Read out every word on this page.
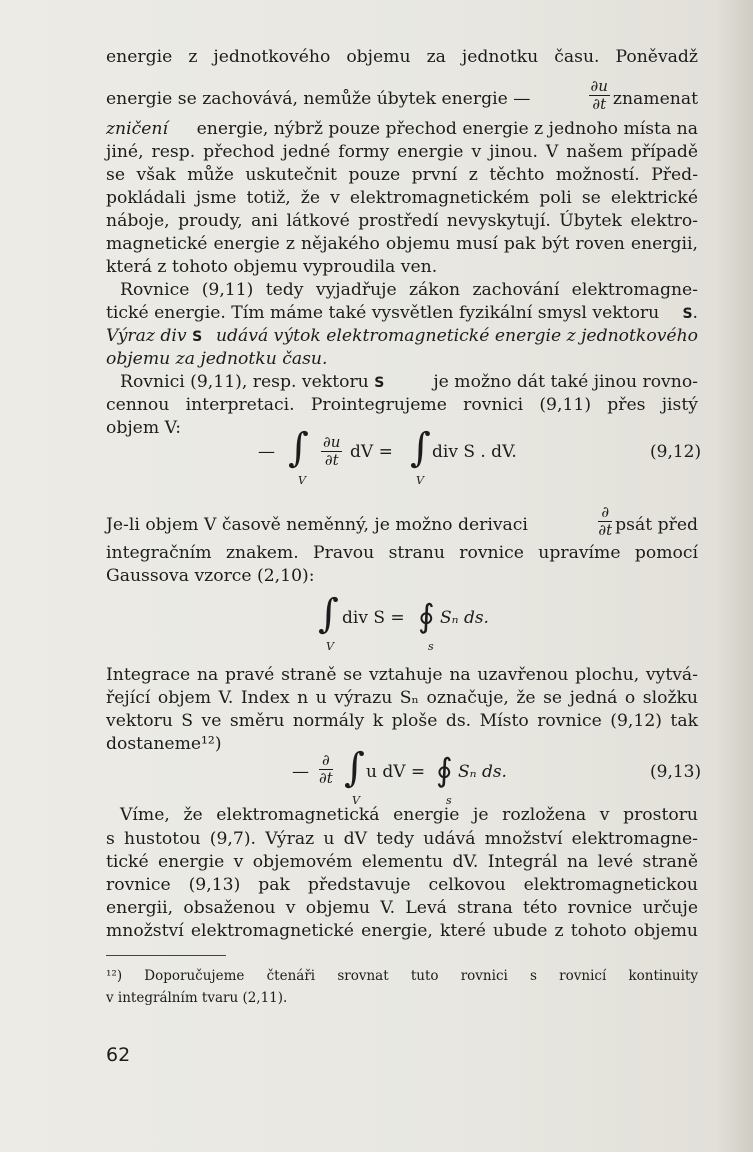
energie z jednotkového objemu za jednotku času. Poněvadž
energie se zachovává, nemůže úbytek energie —	$\frac{\partial u}{\partial t}$ znamenat
zničení energie, nýbrž pouze přechod energie z jednoho místa na
jiné, resp. přechod jedné formy energie v jinou. V našem případě
se však může uskutečnit pouze první z těchto možností. Před-
pokládali jsme totiž, že v elektromagnetickém poli se elektrické
náboje, proudy, ani látkové prostředí nevyskytují. Úbytek elektro-
magnetické energie z nějakého objemu musí pak být roven energii,
která z tohoto objemu vyproudila ven.
Rovnice (9,11) tedy vyjadřuje zákon zachování elektromagne-
tické energie. Tím máme také vysvětlen fyzikální smysl vektoru S.
Výraz div S udává výtok elektromagnetické energie z jednotkového
objemu za jednotku času.
Rovnici (9,11), resp. vektoru S	je možno dát také jinou rovno-
cennou interpretaci. Prointegrujeme rovnici (9,11) přes jistý
objem V:
— ∫
V
$\frac{\partial u}{\partial t}$ dV = ∫
V
div S . dV.	(9,12)
Je-li objem V časově neměnný, je možno derivaci	$\frac{\partial}{\partial t}$ psát před
integračním znakem. Pravou stranu rovnice upravíme pomocí
Gaussova vzorce (2,10):
∫
V
div S = ∮
s
Sₙ ds.
Integrace na pravé straně se vztahuje na uzavřenou plochu, vytvá-
řející objem V. Index n u výrazu Sₙ označuje, že se jedná o složku
vektoru S ve směru normály k ploše ds. Místo rovnice (9,12) tak
dostaneme¹²)
—
∂
∂t ∫
V
u dV = ∮
s
Sₙ ds.	(9,13)
Víme, že elektromagnetická energie je rozložena v prostoru
s hustotou (9,7). Výraz u dV tedy udává množství elektromagne-
tické energie v objemovém elementu dV. Integrál na levé straně
rovnice (9,13) pak představuje celkovou elektromagnetickou
energii, obsaženou v objemu V. Levá strana této rovnice určuje
množství elektromagnetické energie, které ubude z tohoto objemu
¹²) Doporučujeme čtenáři srovnat tuto rovnici s rovnicí kontinuity
v integrálním tvaru (2,11).
62
